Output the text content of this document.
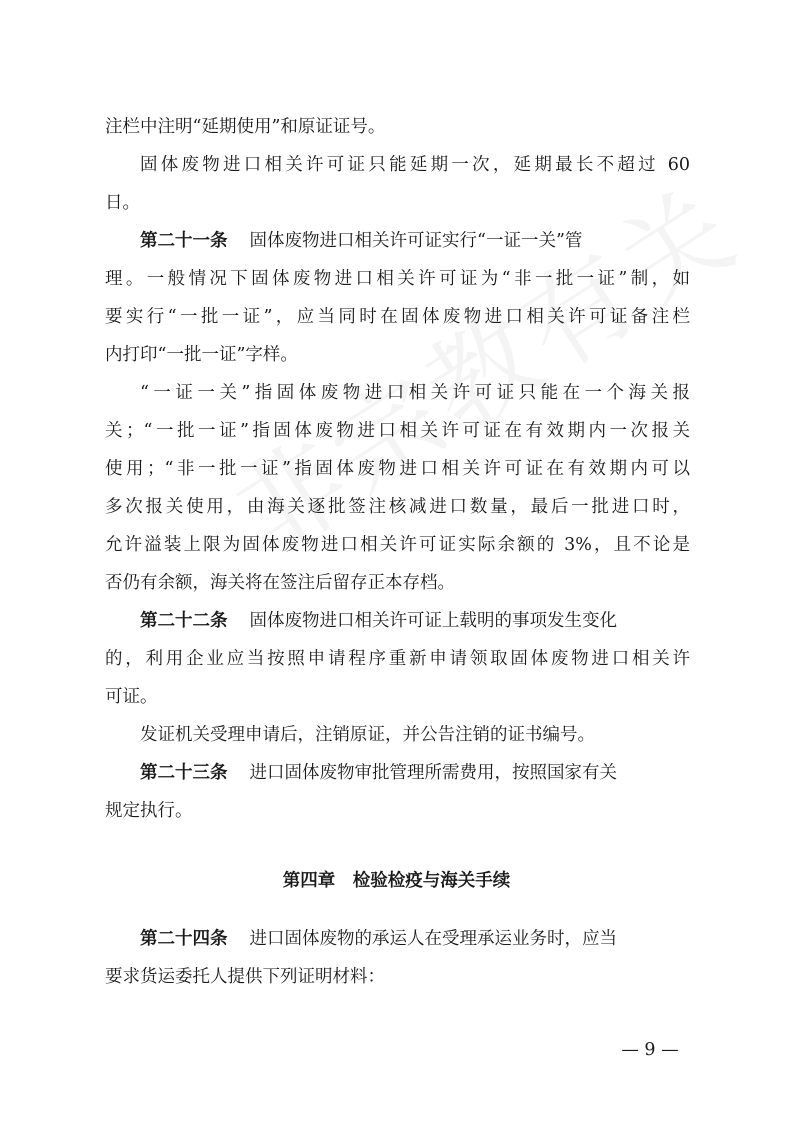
注栏中注明“延期使用”和原证证号。
固体废物进口相关许可证只能延期一次，延期最长不超过 60
日。
第二十一条 固体废物进口相关许可证实行“一证一关”管
理。一般情况下固体废物进口相关许可证为“非一批一证”制，如
要实行“一批一证”，应当同时在固体废物进口相关许可证备注栏
内打印“一批一证”字样。
“一证一关”指固体废物进口相关许可证只能在一个海关报
关；“一批一证”指固体废物进口相关许可证在有效期内一次报关
使用；“非一批一证”指固体废物进口相关许可证在有效期内可以
多次报关使用，由海关逐批签注核减进口数量，最后一批进口时，
允许溢装上限为固体废物进口相关许可证实际余额的 3%，且不论是
否仍有余额，海关将在签注后留存正本存档。
第二十二条 固体废物进口相关许可证上载明的事项发生变化
的，利用企业应当按照申请程序重新申请领取固体废物进口相关许
可证。
发证机关受理申请后，注销原证，并公告注销的证书编号。
第二十三条 进口固体废物审批管理所需费用，按照国家有关
规定执行。
第四章　检验检疫与海关手续
第二十四条 进口固体废物的承运人在受理承运业务时，应当
要求货运委托人提供下列证明材料：
— 9 —
